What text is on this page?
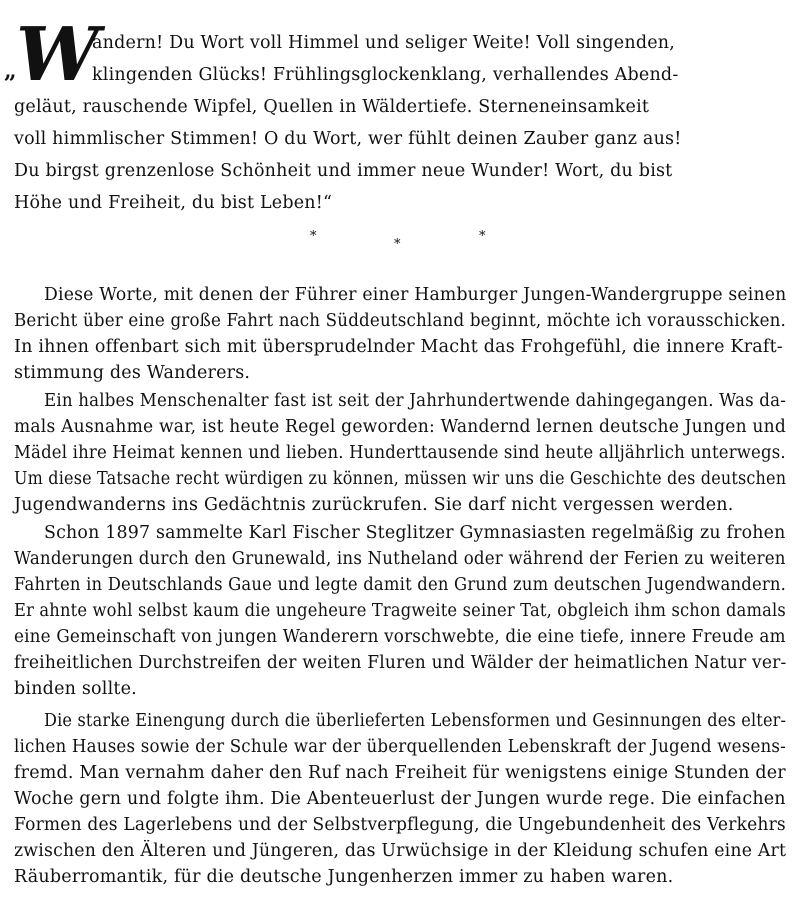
„ W
andern! Du Wort voll Himmel und seliger Weite! Voll singenden,
klingenden Glücks! Frühlingsglockenklang, verhallendes Abend-
geläut, rauschende Wipfel, Quellen in Wäldertiefe. Sterneneinsamkeit
voll himmlischer Stimmen! O du Wort, wer fühlt deinen Zauber ganz aus!
Du birgst grenzenlose Schönheit und immer neue Wunder! Wort, du bist
Höhe und Freiheit, du bist Leben!“
*
*
*
Diese Worte, mit denen der Führer einer Hamburger Jungen-Wandergruppe seinen
Bericht über eine große Fahrt nach Süddeutschland beginnt, möchte ich vorausschicken.
In ihnen offenbart sich mit übersprudelnder Macht das Frohgefühl, die innere Kraft-
stimmung des Wanderers.
Ein halbes Menschenalter fast ist seit der Jahrhundertwende dahingegangen. Was da-
mals Ausnahme war, ist heute Regel geworden: Wandernd lernen deutsche Jungen und
Mädel ihre Heimat kennen und lieben. Hunderttausende sind heute alljährlich unterwegs.
Um diese Tatsache recht würdigen zu können, müssen wir uns die Geschichte des deutschen
Jugendwanderns ins Gedächtnis zurückrufen. Sie darf nicht vergessen werden.
Schon 1897 sammelte Karl Fischer Steglitzer Gymnasiasten regelmäßig zu frohen
Wanderungen durch den Grunewald, ins Nutheland oder während der Ferien zu weiteren
Fahrten in Deutschlands Gaue und legte damit den Grund zum deutschen Jugendwandern.
Er ahnte wohl selbst kaum die ungeheure Tragweite seiner Tat, obgleich ihm schon damals
eine Gemeinschaft von jungen Wanderern vorschwebte, die eine tiefe, innere Freude am
freiheitlichen Durchstreifen der weiten Fluren und Wälder der heimatlichen Natur ver-
binden sollte.
Die starke Einengung durch die überlieferten Lebensformen und Gesinnungen des elter-
lichen Hauses sowie der Schule war der überquellenden Lebenskraft der Jugend wesens-
fremd. Man vernahm daher den Ruf nach Freiheit für wenigstens einige Stunden der
Woche gern und folgte ihm. Die Abenteuerlust der Jungen wurde rege. Die einfachen
Formen des Lagerlebens und der Selbstverpflegung, die Ungebundenheit des Verkehrs
zwischen den Älteren und Jüngeren, das Urwüchsige in der Kleidung schufen eine Art
Räuberromantik, für die deutsche Jungenherzen immer zu haben waren.
